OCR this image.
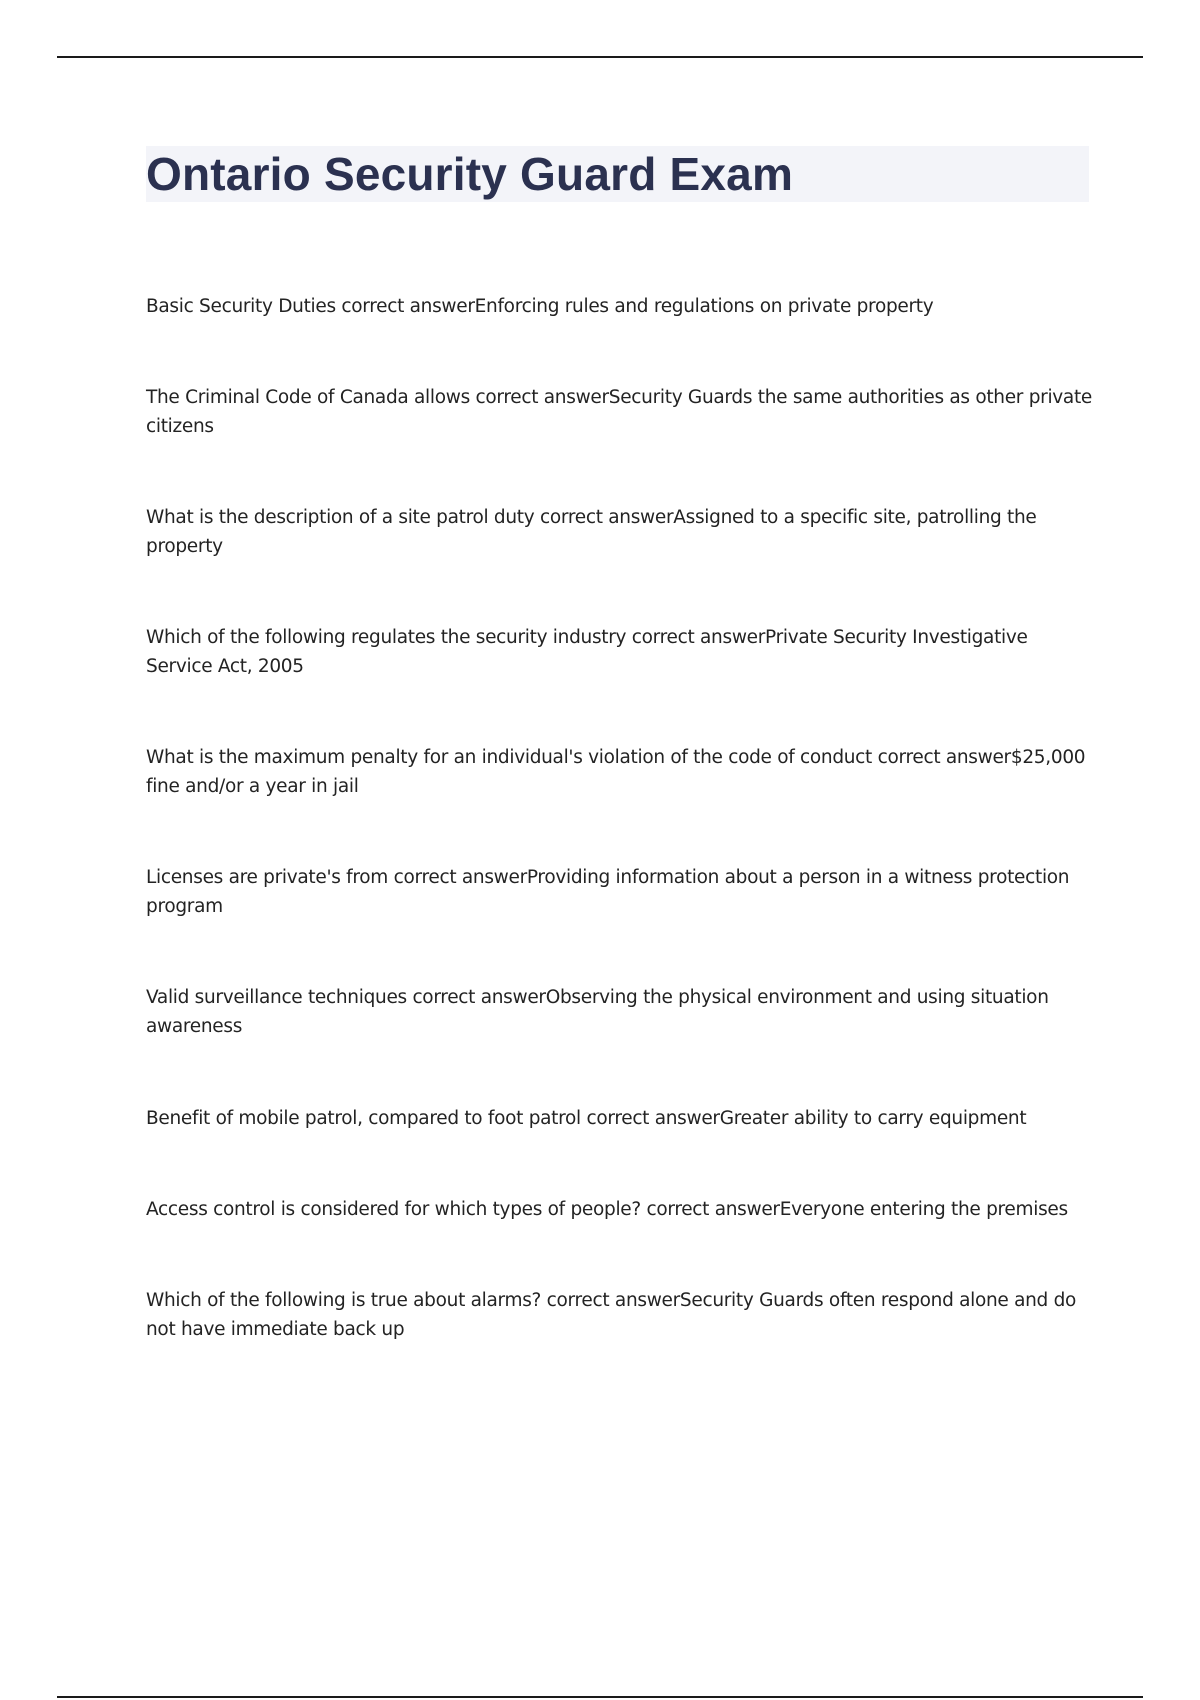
Ontario Security Guard Exam
Basic Security Duties correct answerEnforcing rules and regulations on private property
The Criminal Code of Canada allows correct answerSecurity Guards the same authorities as other private citizens
What is the description of a site patrol duty correct answerAssigned to a specific site, patrolling the property
Which of the following regulates the security industry correct answerPrivate Security Investigative Service Act, 2005
What is the maximum penalty for an individual's violation of the code of conduct correct answer$25,000 fine and/or a year in jail
Licenses are private's from correct answerProviding information about a person in a witness protection program
Valid surveillance techniques correct answerObserving the physical environment and using situation awareness
Benefit of mobile patrol, compared to foot patrol correct answerGreater ability to carry equipment
Access control is considered for which types of people? correct answerEveryone entering the premises
Which of the following is true about alarms? correct answerSecurity Guards often respond alone and do not have immediate back up
